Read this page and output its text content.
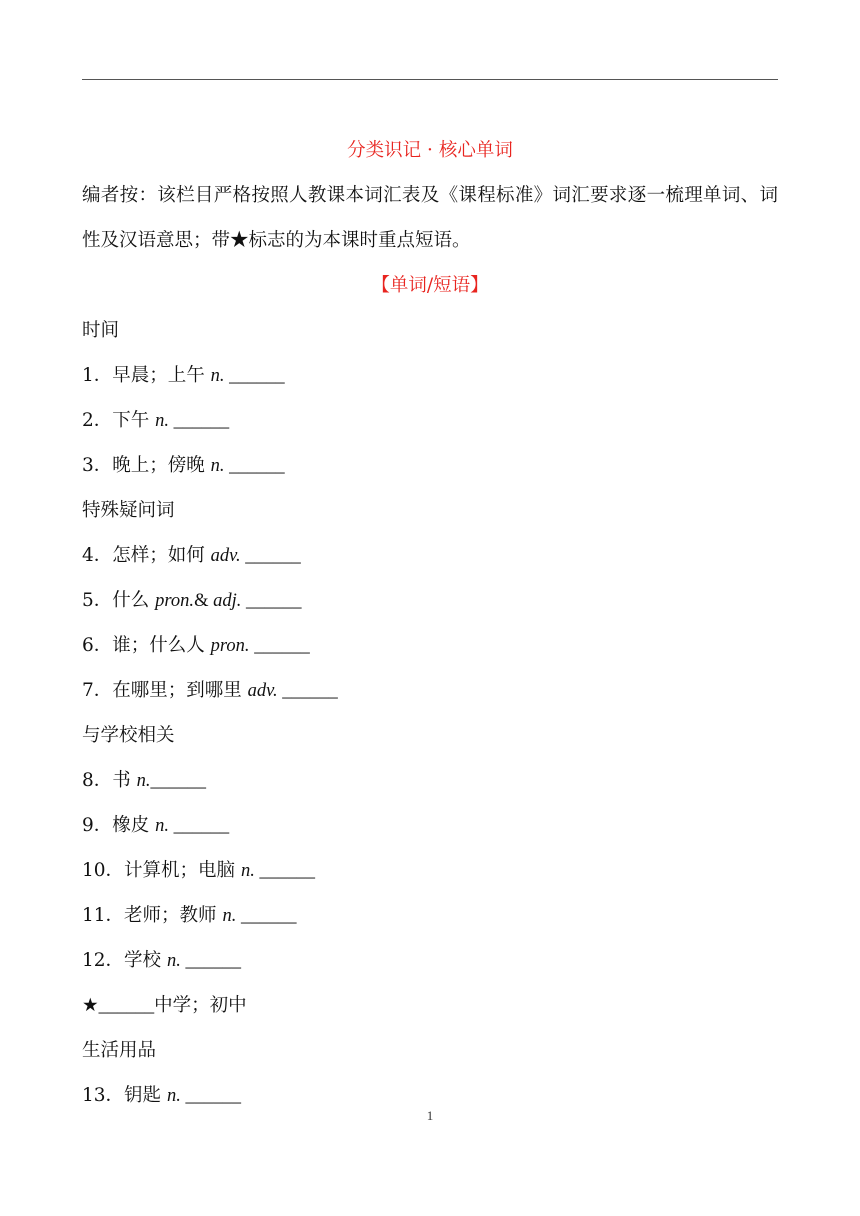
分类识记 · 核心单词
编者按：该栏目严格按照人教课本词汇表及《课程标准》词汇要求逐一梳理单词、词性及汉语意思；带★标志的为本课时重点短语。
【单词/短语】
时间
1．早晨；上午 n. ______
2．下午 n. ______
3．晚上；傍晚 n. ______
特殊疑问词
4．怎样；如何 adv. ______
5．什么 pron.& adj. ______
6．谁；什么人 pron. ______
7．在哪里；到哪里 adv. ______
与学校相关
8．书 n.______
9．橡皮 n. ______
10．计算机；电脑 n. ______
11．老师；教师 n. ______
12．学校 n. ______
★______中学；初中
生活用品
13．钥匙 n. ______
1
